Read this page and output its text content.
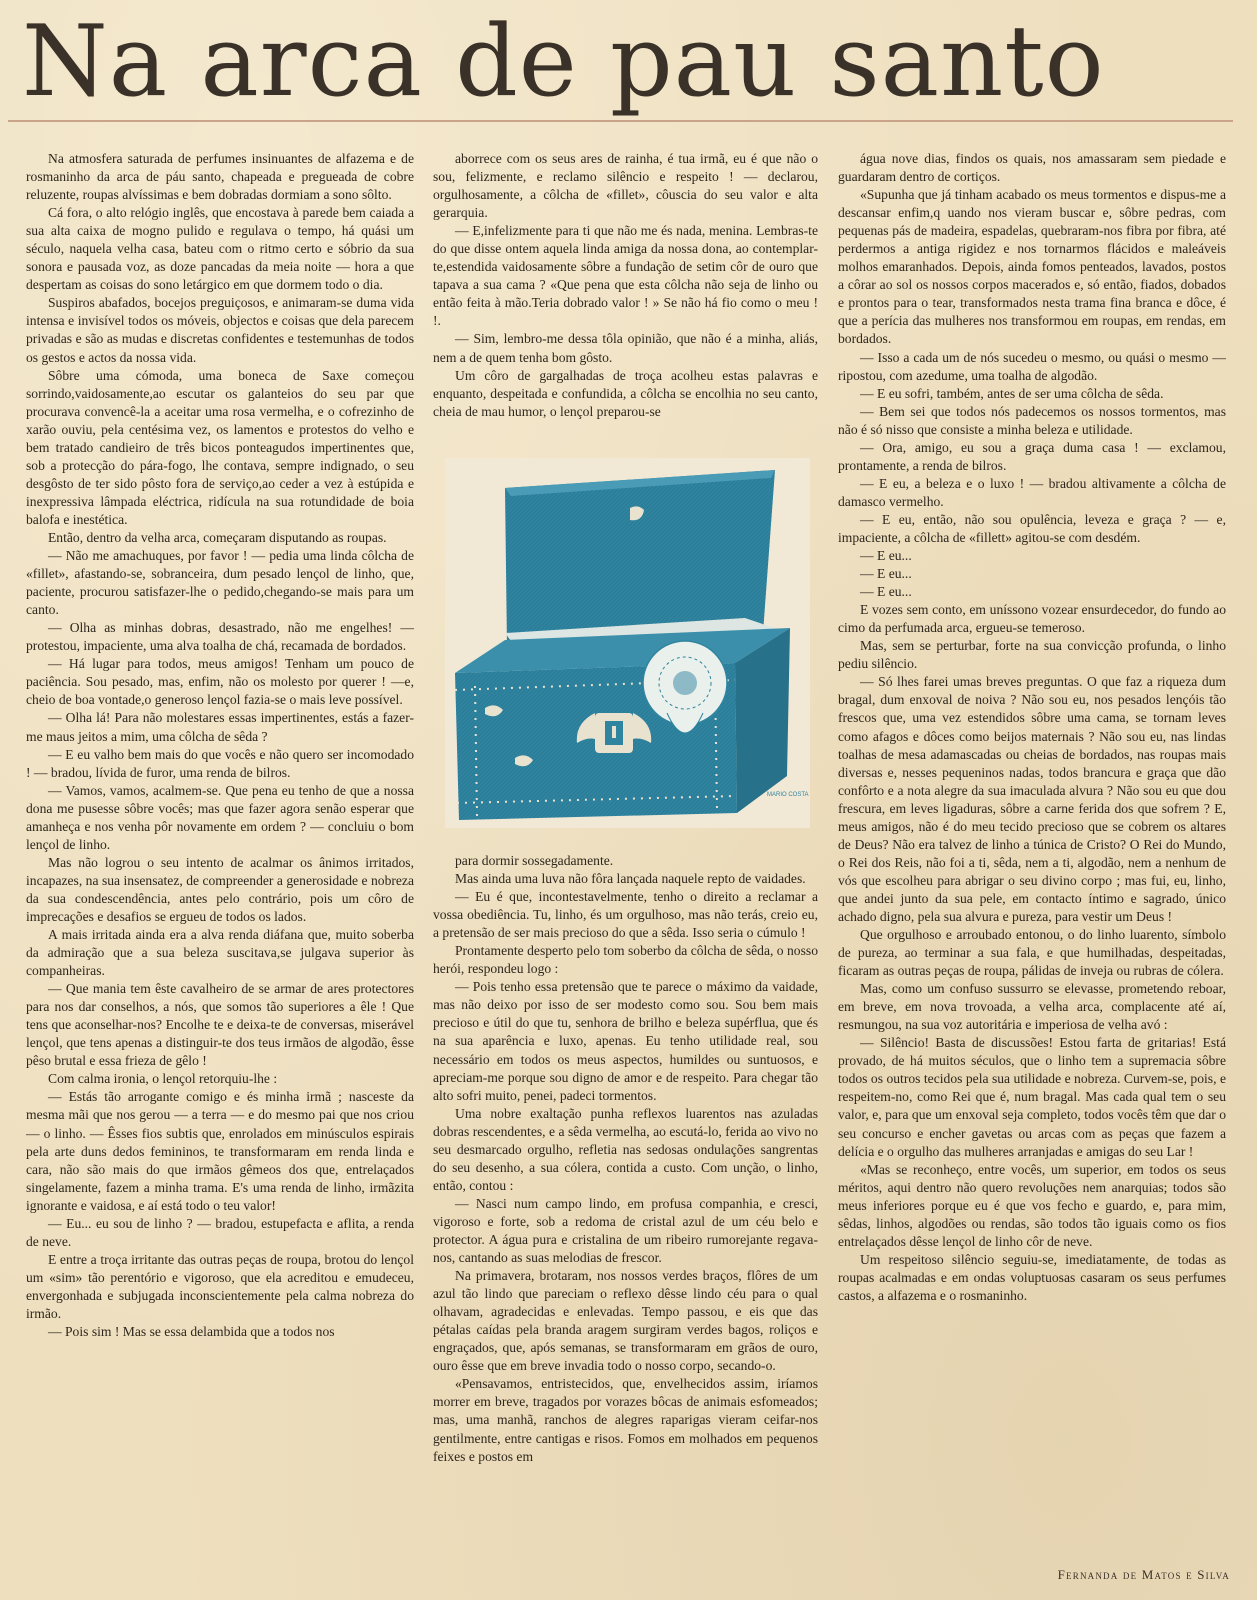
Na arca de pau santo

Na atmosfera saturada de perfumes insinuantes de alfazema e de rosmaninho da arca de páu santo, chapeada e pregueada de cobre reluzente, roupas alvíssimas e bem dobradas dormiam a sono sôlto.

Cá fora, o alto relógio inglês, que encostava à parede bem caiada a sua alta caixa de mogno pulido e regulava o tempo, há quási um século, naquela velha casa, bateu com o ritmo certo e sóbrio da sua sonora e pausada voz, as doze pancadas da meia noite — hora a que despertam as coisas do sono letárgico em que dormem todo o dia.

Suspiros abafados, bocejos preguiçosos, e animaram-se duma vida intensa e invisível todos os móveis, objectos e coisas que dela parecem privadas e são as mudas e discretas confidentes e testemunhas de todos os gestos e actos da nossa vida.

Sôbre uma cómoda, uma boneca de Saxe começou sorrindo,vaidosamente,ao escutar os galanteios do seu par que procurava convencê-la a aceitar uma rosa vermelha, e o cofrezinho de xarão ouviu, pela centésima vez, os lamentos e protestos do velho e bem tratado candieiro de três bicos ponteagudos impertinentes que, sob a protecção do pára-fogo, lhe contava, sempre indignado, o seu desgôsto de ter sido pôsto fora de serviço,ao ceder a vez à estúpida e inexpressiva lâmpada eléctrica, ridícula na sua rotundidade de boia balofa e inestética.

Então, dentro da velha arca, começaram disputando as roupas.

— Não me amachuques, por favor ! — pedia uma linda côlcha de «fillet», afastando-se, sobranceira, dum pesado lençol de linho, que, paciente, procurou satisfazer-lhe o pedido,chegando-se mais para um canto.

— Olha as minhas dobras, desastrado, não me engelhes! — protestou, impaciente, uma alva toalha de chá, recamada de bordados.

— Há lugar para todos, meus amigos! Tenham um pouco de paciência. Sou pesado, mas, enfim, não os molesto por querer ! —e, cheio de boa vontade,o generoso lençol fazia-se o mais leve possível.

— Olha lá! Para não molestares essas impertinentes, estás a fazer-me maus jeitos a mim, uma côlcha de sêda ?

— E eu valho bem mais do que vocês e não quero ser incomodado ! — bradou, lívida de furor, uma renda de bilros.

— Vamos, vamos, acalmem-se. Que pena eu tenho de que a nossa dona me pusesse sôbre vocês; mas que fazer agora senão esperar que amanheça e nos venha pôr novamente em ordem ? — concluiu o bom lençol de linho.

Mas não logrou o seu intento de acalmar os ânimos irritados, incapazes, na sua insensatez, de compreender a generosidade e nobreza da sua condescendência, antes pelo contrário, pois um côro de imprecações e desafios se ergueu de todos os lados.

A mais irritada ainda era a alva renda diáfana que, muito soberba da admiração que a sua beleza suscitava,se julgava superior às companheiras.

— Que mania tem êste cavalheiro de se armar de ares protectores para nos dar conselhos, a nós, que somos tão superiores a êle ! Que tens que aconselhar-nos? Encolhe te e deixa-te de conversas, miserável lençol, que tens apenas a distinguir-te dos teus irmãos de algodão, êsse pêso brutal e essa frieza de gêlo !

Com calma ironia, o lençol retorquiu-lhe :

— Estás tão arrogante comigo e és minha irmã ; nasceste da mesma mãi que nos gerou — a terra — e do mesmo pai que nos criou — o linho. — Êsses fios subtis que, enrolados em minúsculos espirais pela arte duns dedos femininos, te transformaram em renda linda e cara, não são mais do que irmãos gêmeos dos que, entrelaçados singelamente, fazem a minha trama. E's uma renda de linho, irmãzita ignorante e vaidosa, e aí está todo o teu valor!

— Eu... eu sou de linho ? — bradou, estupefacta e aflita, a renda de neve.

E entre a troça irritante das outras peças de roupa, brotou do lençol um «sim» tão perentório e vigoroso, que ela acreditou e emudeceu, envergonhada e subjugada inconscientemente pela calma nobreza do irmão.

— Pois sim ! Mas se essa delambida que a todos nos

aborrece com os seus ares de rainha, é tua irmã, eu é que não o sou, felizmente, e reclamo silêncio e respeito ! — declarou, orgulhosamente, a côlcha de «fillet», côuscia do seu valor e alta gerarquia.

— E,infelizmente para ti que não me és nada, menina. Lembras-te do que disse ontem aquela linda amiga da nossa dona, ao contemplar-te,estendida vaidosamente sôbre a fundação de setim côr de ouro que tapava a sua cama ? «Que pena que esta côlcha não seja de linho ou então feita à mão.Teria dobrado valor ! » Se não há fio como o meu ! !.

— Sim, lembro-me dessa tôla opinião, que não é a minha, aliás, nem a de quem tenha bom gôsto.

Um côro de gargalhadas de troça acolheu estas palavras e enquanto, despeitada e confundida, a côlcha se encolhia no seu canto, cheia de mau humor, o lençol preparou-se

MARIO COSTA

para dormir sossegadamente.

Mas ainda uma luva não fôra lançada naquele repto de vaidades.

— Eu é que, incontestavelmente, tenho o direito a reclamar a vossa obediência. Tu, linho, és um orgulhoso, mas não terás, creio eu, a pretensão de ser mais precioso do que a sêda. Isso seria o cúmulo !

Prontamente desperto pelo tom soberbo da côlcha de sêda, o nosso herói, respondeu logo :

— Pois tenho essa pretensão que te parece o máximo da vaidade, mas não deixo por isso de ser modesto como sou. Sou bem mais precioso e útil do que tu, senhora de brilho e beleza supérflua, que és na sua aparência e luxo, apenas. Eu tenho utilidade real, sou necessário em todos os meus aspectos, humildes ou suntuosos, e apreciam-me porque sou digno de amor e de respeito. Para chegar tão alto sofri muito, penei, padeci tormentos.

Uma nobre exaltação punha reflexos luarentos nas azuladas dobras rescendentes, e a sêda vermelha, ao escutá-lo, ferida ao vivo no seu desmarcado orgulho, refletia nas sedosas ondulações sangrentas do seu desenho, a sua cólera, contida a custo. Com unção, o linho, então, contou :

— Nasci num campo lindo, em profusa companhia, e cresci, vigoroso e forte, sob a redoma de cristal azul de um céu belo e protector. A água pura e cristalina de um ribeiro rumorejante regava-nos, cantando as suas melodias de frescor.

Na primavera, brotaram, nos nossos verdes braços, flôres de um azul tão lindo que pareciam o reflexo dêsse lindo céu para o qual olhavam, agradecidas e enlevadas. Tempo passou, e eis que das pétalas caídas pela branda aragem surgiram verdes bagos, roliços e engraçados, que, após semanas, se transformaram em grãos de ouro, ouro êsse que em breve invadia todo o nosso corpo, secando-o.

«Pensavamos, entristecidos, que, envelhecidos assim, iríamos morrer em breve, tragados por vorazes bôcas de animais esfomeados; mas, uma manhã, ranchos de alegres raparigas vieram ceifar-nos gentilmente, entre cantigas e risos. Fomos em molhados em pequenos feixes e postos em

água nove dias, findos os quais, nos amassaram sem piedade e guardaram dentro de cortiços.

«Supunha que já tinham acabado os meus tormentos e dispus-me a descansar enfim,q uando nos vieram buscar e, sôbre pedras, com pequenas pás de madeira, espadelas, quebraram-nos fibra por fibra, até perdermos a antiga rigidez e nos tornarmos flácidos e maleáveis molhos emaranhados. Depois, ainda fomos penteados, lavados, postos a côrar ao sol os nossos corpos macerados e, só então, fiados, dobados e prontos para o tear, transformados nesta trama fina branca e dôce, é que a perícia das mulheres nos transformou em roupas, em rendas, em bordados.

— Isso a cada um de nós sucedeu o mesmo, ou quási o mesmo — ripostou, com azedume, uma toalha de algodão.

— E eu sofri, também, antes de ser uma côlcha de sêda.

— Bem sei que todos nós padecemos os nossos tormentos, mas não é só nisso que consiste a minha beleza e utilidade.

— Ora, amigo, eu sou a graça duma casa ! — exclamou, prontamente, a renda de bilros.

— E eu, a beleza e o luxo ! — bradou altivamente a côlcha de damasco vermelho.

— E eu, então, não sou opulência, leveza e graça ? — e, impaciente, a côlcha de «fillett» agitou-se com desdém.

— E eu...

— E eu...

— E eu...

E vozes sem conto, em uníssono vozear ensurdecedor, do fundo ao cimo da perfumada arca, ergueu-se temeroso.

Mas, sem se perturbar, forte na sua convicção profunda, o linho pediu silêncio.

— Só lhes farei umas breves preguntas. O que faz a riqueza dum bragal, dum enxoval de noiva ? Não sou eu, nos pesados lençóis tão frescos que, uma vez estendidos sôbre uma cama, se tornam leves como afagos e dôces como beijos maternais ? Não sou eu, nas lindas toalhas de mesa adamascadas ou cheias de bordados, nas roupas mais diversas e, nesses pequeninos nadas, todos brancura e graça que dão confôrto e a nota alegre da sua imaculada alvura ? Não sou eu que dou frescura, em leves ligaduras, sôbre a carne ferida dos que sofrem ? E, meus amigos, não é do meu tecido precioso que se cobrem os altares de Deus? Não era talvez de linho a túnica de Cristo? O Rei do Mundo, o Rei dos Reis, não foi a ti, sêda, nem a ti, algodão, nem a nenhum de vós que escolheu para abrigar o seu divino corpo ; mas fui, eu, linho, que andei junto da sua pele, em contacto íntimo e sagrado, único achado digno, pela sua alvura e pureza, para vestir um Deus !

Que orgulhoso e arroubado entonou, o do linho luarento, símbolo de pureza, ao terminar a sua fala, e que humilhadas, despeitadas, ficaram as outras peças de roupa, pálidas de inveja ou rubras de cólera.

Mas, como um confuso sussurro se elevasse, prometendo reboar, em breve, em nova trovoada, a velha arca, complacente até aí, resmungou, na sua voz autoritária e imperiosa de velha avó :

— Silêncio! Basta de discussões! Estou farta de gritarias! Está provado, de há muitos séculos, que o linho tem a supremacia sôbre todos os outros tecidos pela sua utilidade e nobreza. Curvem-se, pois, e respeitem-no, como Rei que é, num bragal. Mas cada qual tem o seu valor, e, para que um enxoval seja completo, todos vocês têm que dar o seu concurso e encher gavetas ou arcas com as peças que fazem a delícia e o orgulho das mulheres arranjadas e amigas do seu Lar !

«Mas se reconheço, entre vocês, um superior, em todos os seus méritos, aqui dentro não quero revoluções nem anarquias; todos são meus inferiores porque eu é que vos fecho e guardo, e, para mim, sêdas, linhos, algodões ou rendas, são todos tão iguais como os fios entrelaçados dêsse lençol de linho côr de neve.

Um respeitoso silêncio seguiu-se, imediatamente, de todas as roupas acalmadas e em ondas voluptuosas casaram os seus perfumes castos, a alfazema e o rosmaninho.

Fernanda de Matos e Silva
